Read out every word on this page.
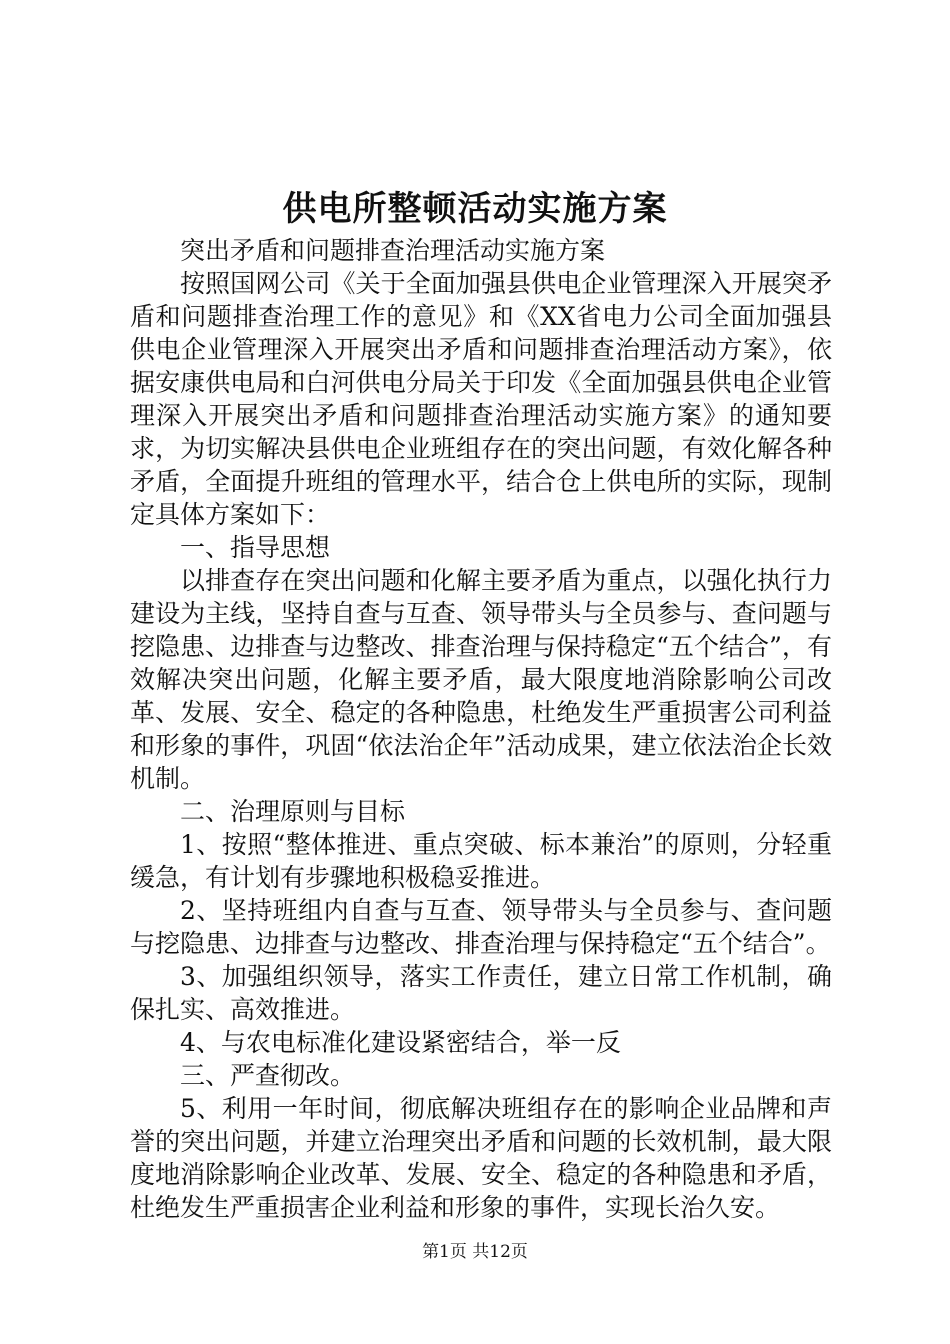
供电所整顿活动实施方案

突出矛盾和问题排查治理活动实施方案

按照国网公司《关于全面加强县供电企业管理深入开展突矛盾和问题排查治理工作的意见》和《XX省电力公司全面加强县供电企业管理深入开展突出矛盾和问题排查治理活动方案》，依据安康供电局和白河供电分局关于印发《全面加强县供电企业管理深入开展突出矛盾和问题排查治理活动实施方案》的通知要求，为切实解决县供电企业班组存在的突出问题，有效化解各种矛盾，全面提升班组的管理水平，结合仓上供电所的实际，现制定具体方案如下：

一、指导思想

以排查存在突出问题和化解主要矛盾为重点，以强化执行力建设为主线，坚持自查与互查、领导带头与全员参与、查问题与挖隐患、边排查与边整改、排查治理与保持稳定“五个结合”，有效解决突出问题，化解主要矛盾，最大限度地消除影响公司改革、发展、安全、稳定的各种隐患，杜绝发生严重损害公司利益和形象的事件，巩固“依法治企年”活动成果，建立依法治企长效机制。

二、治理原则与目标

1、按照“整体推进、重点突破、标本兼治”的原则，分轻重缓急，有计划有步骤地积极稳妥推进。

2、坚持班组内自查与互查、领导带头与全员参与、查问题与挖隐患、边排查与边整改、排查治理与保持稳定“五个结合”。

3、加强组织领导，落实工作责任，建立日常工作机制，确保扎实、高效推进。

4、与农电标准化建设紧密结合，举一反

三、严查彻改。

5、利用一年时间，彻底解决班组存在的影响企业品牌和声誉的突出问题，并建立治理突出矛盾和问题的长效机制，最大限度地消除影响企业改革、发展、安全、稳定的各种隐患和矛盾，杜绝发生严重损害企业利益和形象的事件，实现长治久安。

第1页 共12页
